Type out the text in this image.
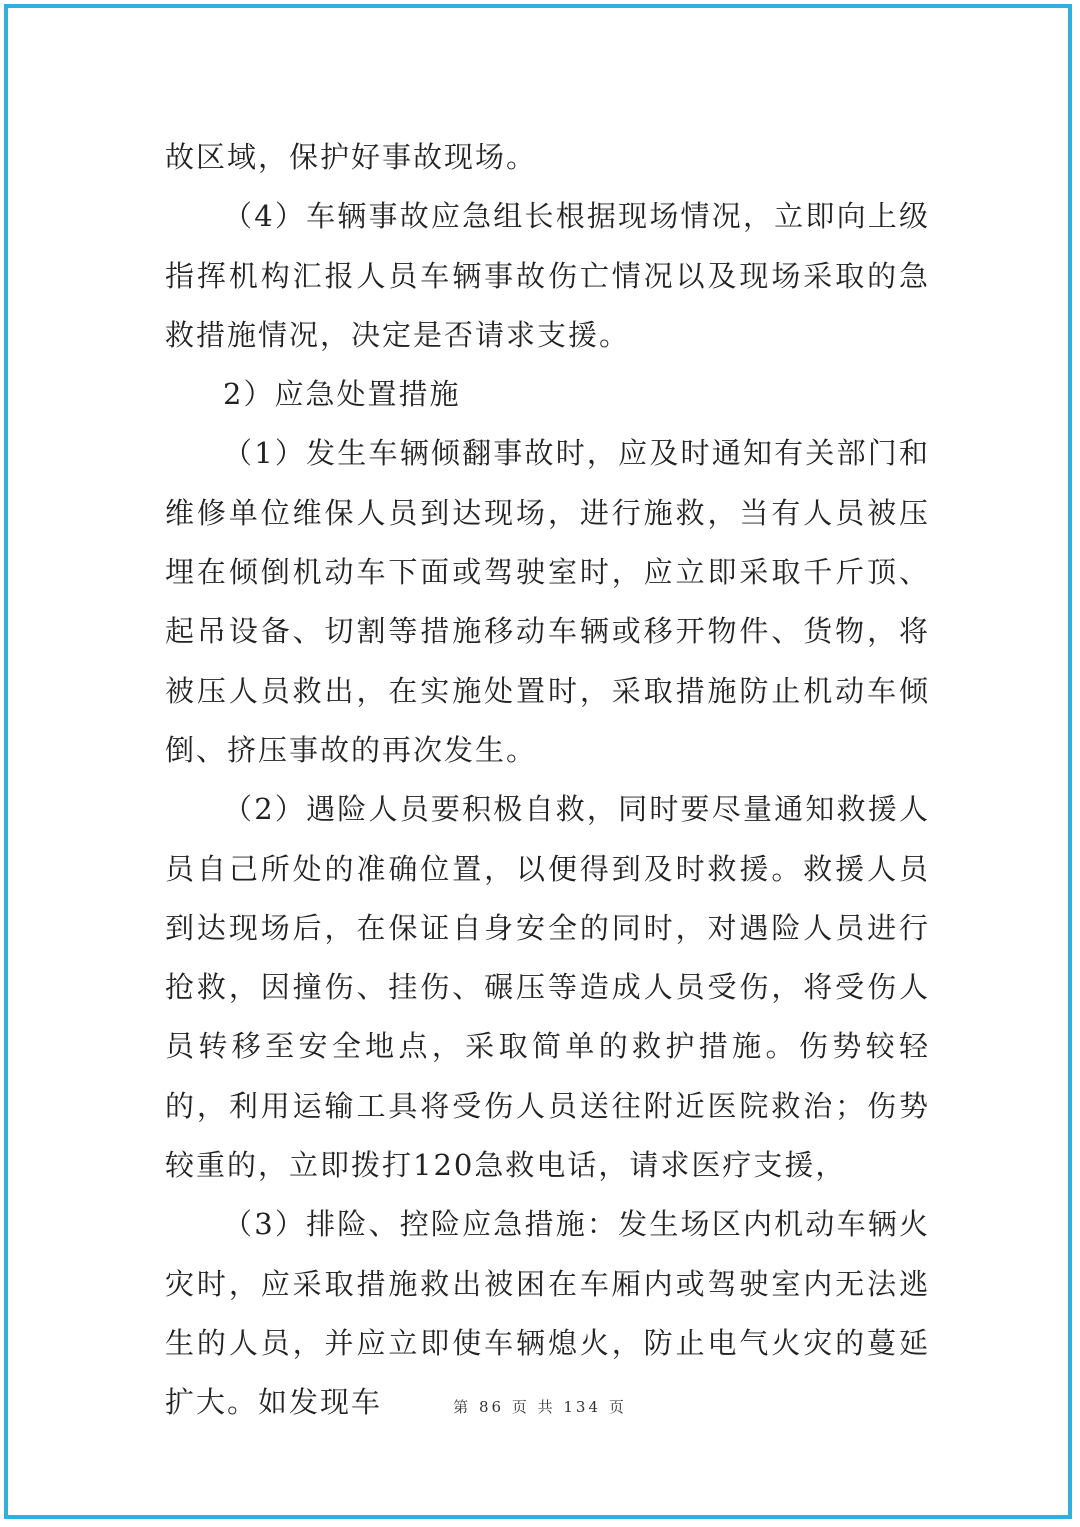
故区域，保护好事故现场。

（4）车辆事故应急组长根据现场情况，立即向上级指挥机构汇报人员车辆事故伤亡情况以及现场采取的急救措施情况，决定是否请求支援。

2）应急处置措施

（1）发生车辆倾翻事故时，应及时通知有关部门和维修单位维保人员到达现场，进行施救，当有人员被压埋在倾倒机动车下面或驾驶室时，应立即采取千斤顶、起吊设备、切割等措施移动车辆或移开物件、货物，将被压人员救出，在实施处置时，采取措施防止机动车倾倒、挤压事故的再次发生。

（2）遇险人员要积极自救，同时要尽量通知救援人员自己所处的准确位置，以便得到及时救援。救援人员到达现场后，在保证自身安全的同时，对遇险人员进行抢救，因撞伤、挂伤、碾压等造成人员受伤，将受伤人员转移至安全地点，采取简单的救护措施。伤势较轻的，利用运输工具将受伤人员送往附近医院救治；伤势较重的，立即拨打120急救电话，请求医疗支援，

（3）排险、控险应急措施：发生场区内机动车辆火灾时，应采取措施救出被困在车厢内或驾驶室内无法逃生的人员，并应立即使车辆熄火，防止电气火灾的蔓延扩大。如发现车	第 86 页 共 134 页
